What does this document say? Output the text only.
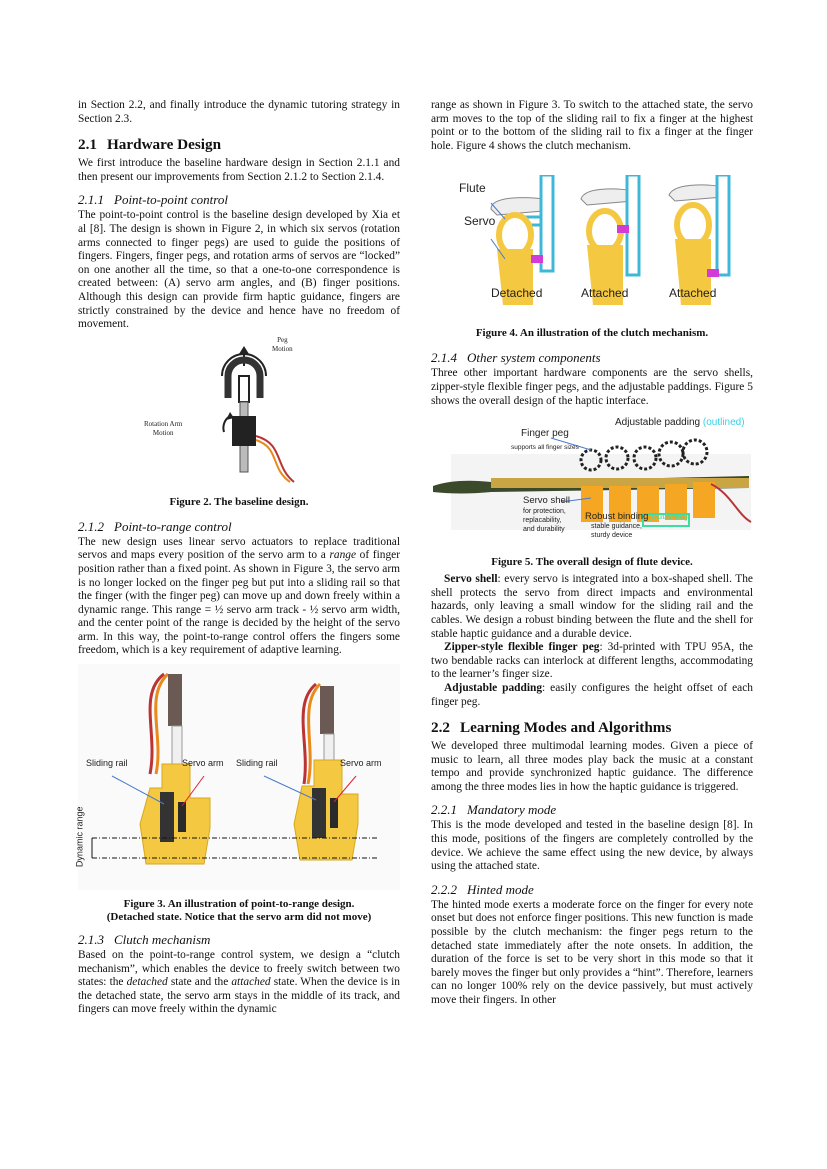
in Section 2.2, and finally introduce the dynamic tutoring strategy in Section 2.3.

2.1 Hardware Design

We first introduce the baseline hardware design in Section 2.1.1 and then present our improvements from Section 2.1.2 to Section 2.1.4.

2.1.1 Point-to-point control

The point-to-point control is the baseline design developed by Xia et al [8]. The design is shown in Figure 2, in which six servos (rotation arms connected to finger pegs) are used to guide the positions of fingers. Fingers, finger pegs, and rotation arms of servos are “locked” on one another all the time, so that a one-to-one correspondence is created between: (A) servo arm angles, and (B) finger positions. Although this design can provide firm haptic guidance, fingers are strictly constrained by the device and hence have no freedom of movement.

Peg
Motion
Rotation Arm
Motion
Figure 2. The baseline design.
2.1.2 Point-to-range control

The new design uses linear servo actuators to replace traditional servos and maps every position of the servo arm to a range of finger position rather than a fixed point. As shown in Figure 3, the servo arm is no longer locked on the finger peg but put into a sliding rail so that the finger (with the finger peg) can move up and down freely within a dynamic range. This range = ½ servo arm track - ½ servo arm width, and the center point of the range is decided by the height of the servo arm. In this way, the point-to-range control offers the fingers some freedom, which is a key requirement of adaptive learning.

Sliding rail	Servo arm Sliding rail	Servo arm
Dynamic range
Figure 3. An illustration of point-to-range design.
(Detached state. Notice that the servo arm did not move)
2.1.3 Clutch mechanism

Based on the point-to-range control system, we design a “clutch mechanism”, which enables the device to freely switch between two states: the detached state and the attached state. When the device is in the detached state, the servo arm stays in the middle of its track, and fingers can move freely within the dynamic

range as shown in Figure 3. To switch to the attached state, the servo arm moves to the top of the sliding rail to fix a finger at the highest point or to the bottom of the sliding rail to fix a finger at the finger hole. Figure 4 shows the clutch mechanism.

Flute
Servo
Detached	Attached	Attached
Figure 4. An illustration of the clutch mechanism.
2.1.4 Other system components

Three other important hardware components are the servo shells, zipper-style flexible finger pegs, and the adjustable paddings. Figure 5 shows the overall design of the haptic interface.

Adjustable padding (outlined)
Finger peg
supports all finger sizes
Servo shell
for protection,
replacability,
and durability
Robust binding(outlined)
stable guidance,
sturdy device
Figure 5. The overall design of flute device.

Servo shell: every servo is integrated into a box-shaped shell. The shell protects the servo from direct impacts and environmental hazards, only leaving a small window for the sliding rail and the cables. We design a robust binding between the flute and the shell for stable haptic guidance and a durable device.

Zipper-style flexible finger peg: 3d-printed with TPU 95A, the two bendable racks can interlock at different lengths, accommodating to the learner’s finger size.

Adjustable padding: easily configures the height offset of each finger peg.

2.2 Learning Modes and Algorithms

We developed three multimodal learning modes. Given a piece of music to learn, all three modes play back the music at a constant tempo and provide synchronized haptic guidance. The difference among the three modes lies in how the haptic guidance is triggered.

2.2.1 Mandatory mode

This is the mode developed and tested in the baseline design [8]. In this mode, positions of the fingers are completely controlled by the device. We achieve the same effect using the new device, by always using the attached state.

2.2.2 Hinted mode

The hinted mode exerts a moderate force on the finger for every note onset but does not enforce finger positions. This new function is made possible by the clutch mechanism: the finger pegs return to the detached state immediately after the note onsets. In addition, the duration of the force is set to be very short in this mode so that it barely moves the finger but only provides a “hint”. Therefore, learners can no longer 100% rely on the device passively, but must actively move their fingers. In other
